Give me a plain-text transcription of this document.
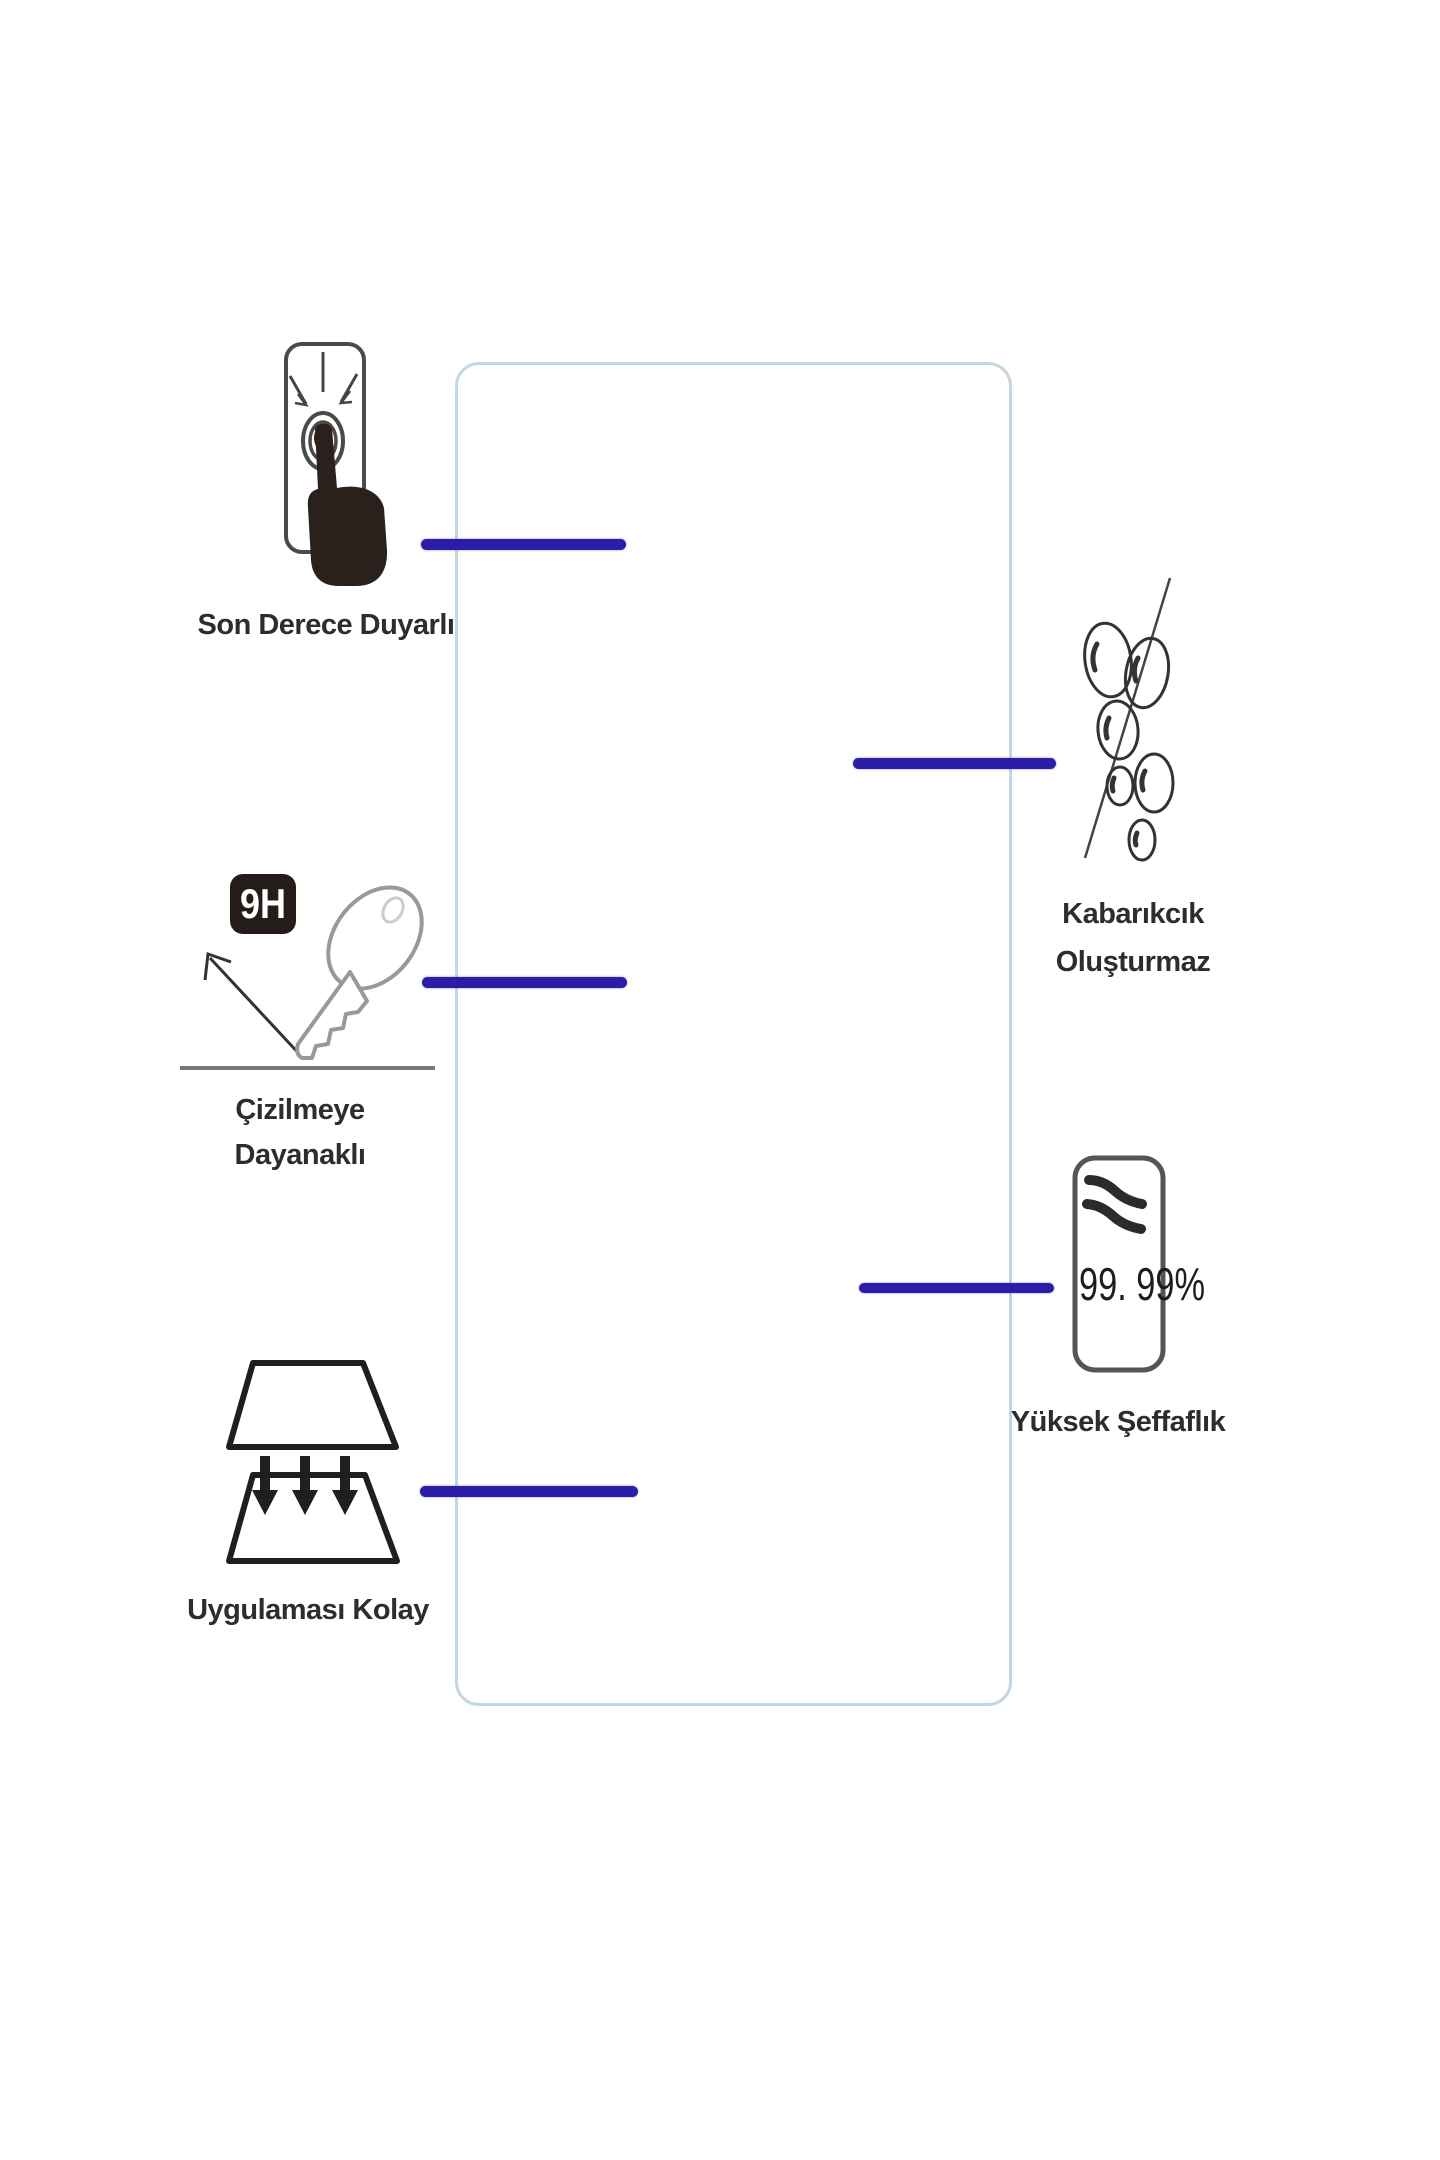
Son Derece Duyarlı
Kabarıkcık
Oluşturmaz
9H
Çizilmeye
Dayanaklı
99. 99%
Yüksek Şeffaflık
Uygulaması Kolay
